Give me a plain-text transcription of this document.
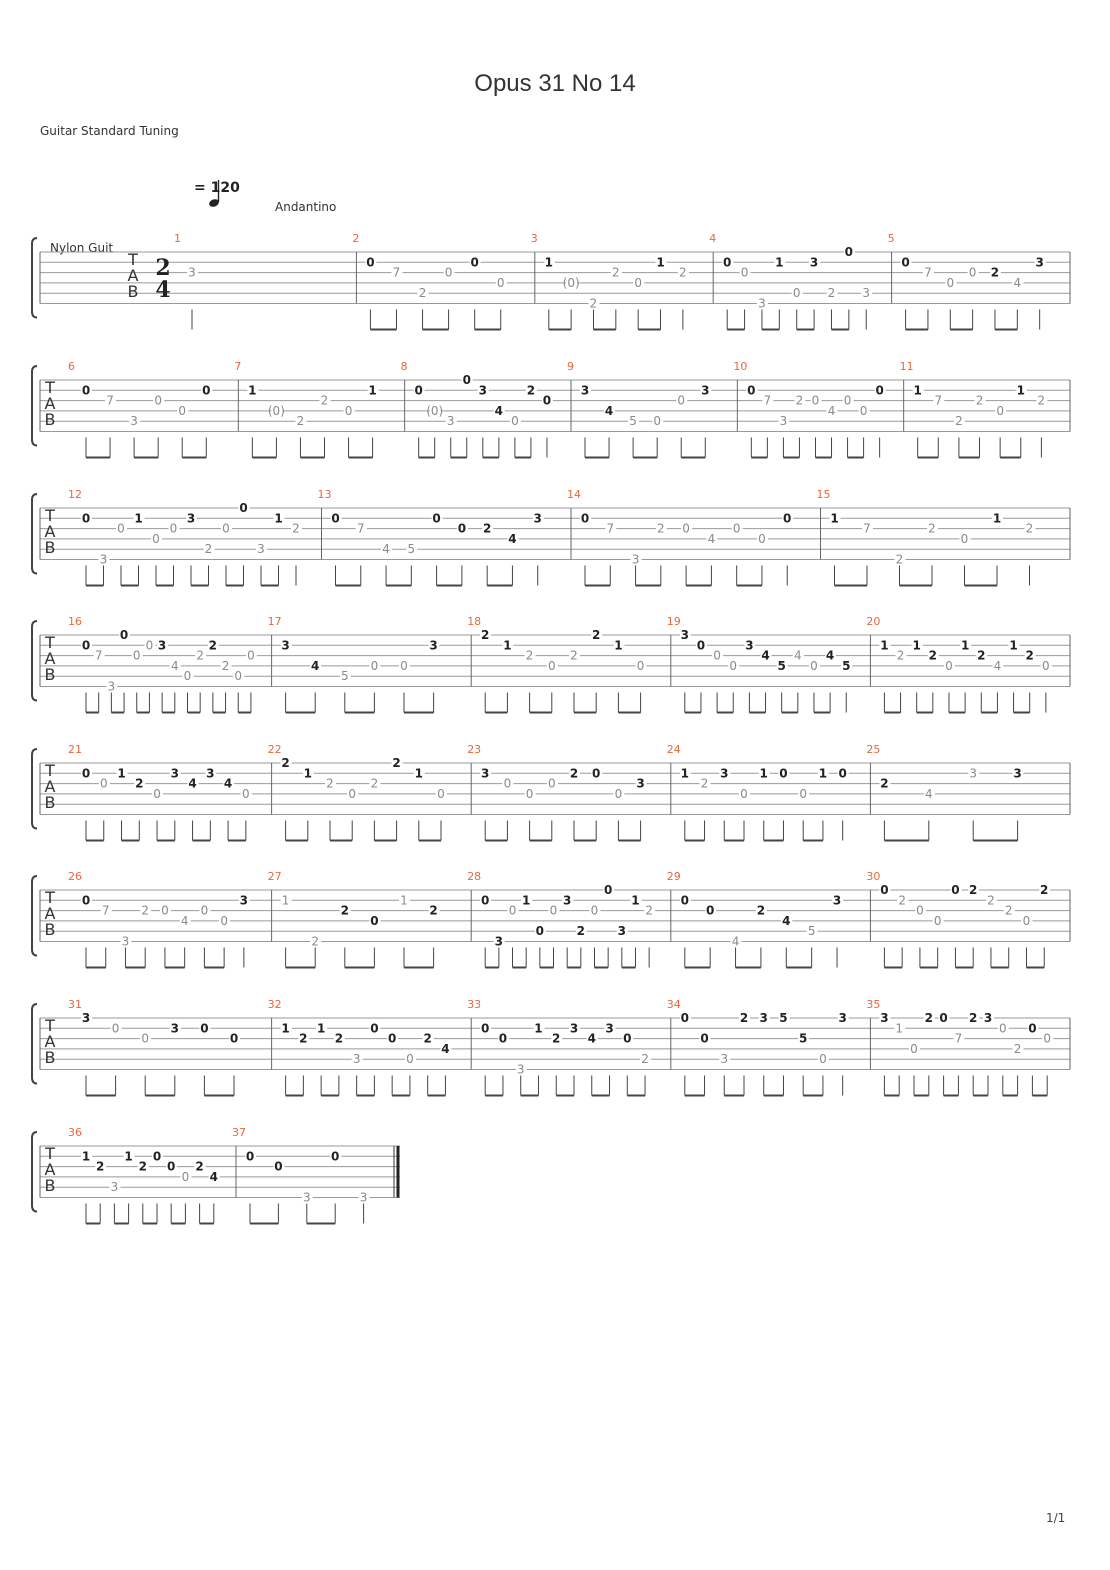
Opus 31 No 14
Guitar Standard Tuning
= 120
Andantino
Nylon Guit
T
A
B
2
4
1
3
2
0
7
2
0
0
0
3
1
(0)
2
2
0
1
2
4
0
0
3
1
0
3
2
0
3
5
0
7
0
0 2
4
3
T
A
B
6
0
7
3
0
0
0
7
1
(0)
2
2
0
1
8
0
(0)
3
0
3
4
0
2
0
9
3
4
5 0
0
3
10
0
7
3
2 0
4
0
0
0
11
1
7
2
2
0
1
2
T
A
B
12
0
3
0
1
0
0
3
2
0
0
3
1
2
13
0
7
4 5
0
0 2
4
3
14
0
7
3
2 0
4
0
0
0
15
1
7
2
2
0
1
2
T
A
B
16
0
7
3
0
0
0 3
4
0
2
2
2
0
0
17
3
4
5
0 0
3
18
2
1
2
0
2
2
1
0
19
3
0
0
0
3
4
5
4
0
4
5
20
1
2
1
2
0
1
2
4
1
2
0
T
A
B
21
0
0
1
2
0
3
4
3
4
0
22
2
1
2
0
2
2
1
0
23
3
0
0
0
2 0
0
3
24
1
2
3
0
1 0
0
1 0
25
2
4
3	3
T
A
B
26
0
7
3
2 0
4
0
0
3
27
1
2
2
0
1
2
28
0
3
0
1
0
0
3
2
0
0
3
1
2
29
0
0
4
2
4
5
3
30
0
2
0
0
0 2
2
2
0
2
T
A
B
31
3
0
0
3 0
0
32
1
2
1
2
3
0
0
0
2
4
33
0
0
3
1
2
3
4
3
0
2
34
0
0
3
2 3 5
5
0
3
35
3
1
0
2 0
7
2 3
0
2
0
0
T
A
B
36
1
2
3
1
2
0
0
0
2
4
37
0
0
3
0
3
1/1
